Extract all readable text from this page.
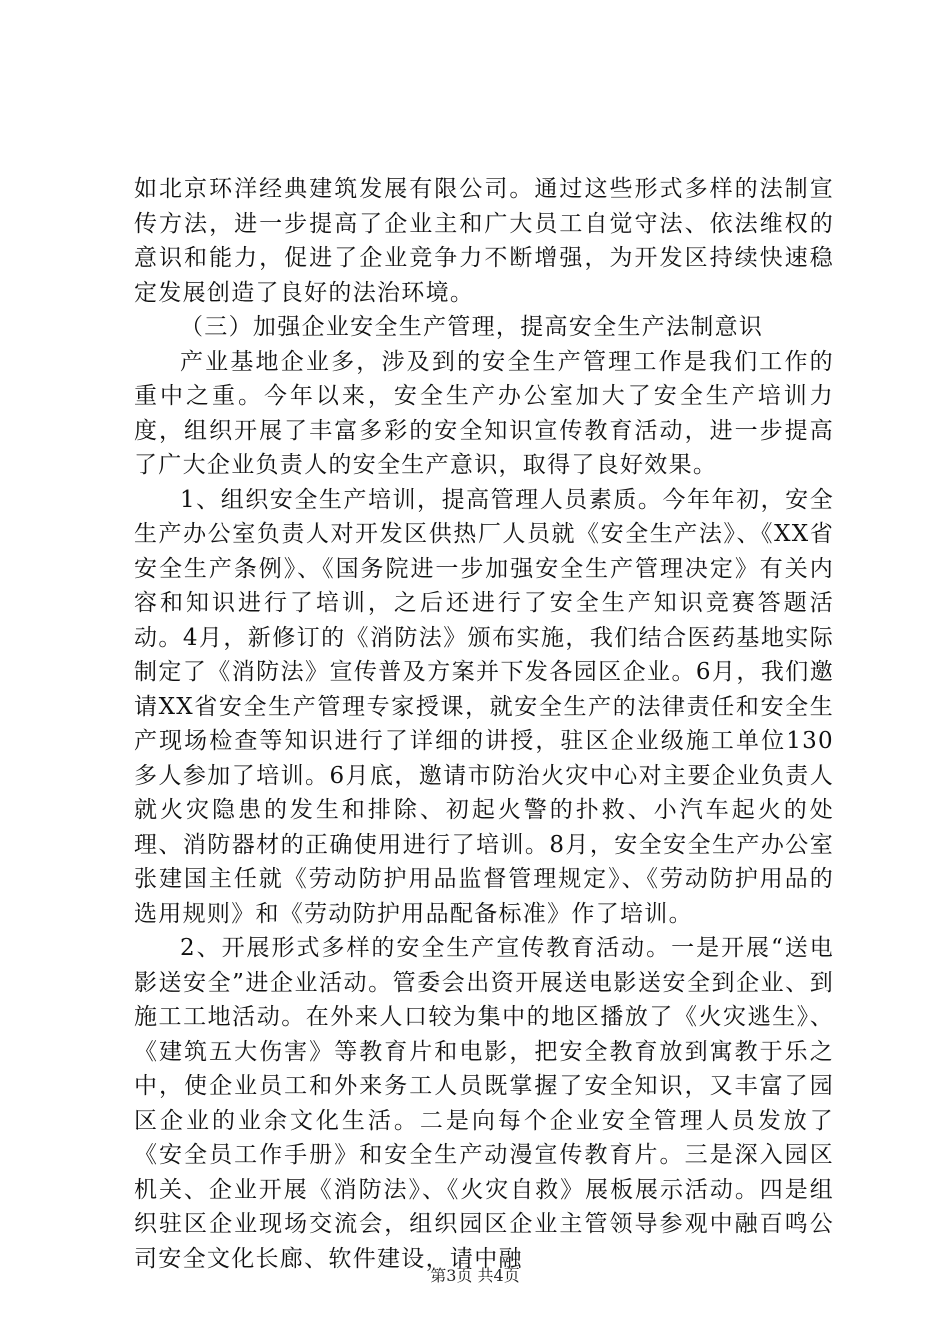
如北京环洋经典建筑发展有限公司。通过这些形式多样的法制宣传方法，进一步提高了企业主和广大员工自觉守法、依法维权的意识和能力，促进了企业竞争力不断增强，为开发区持续快速稳定发展创造了良好的法治环境。

（三）加强企业安全生产管理，提高安全生产法制意识

产业基地企业多，涉及到的安全生产管理工作是我们工作的重中之重。今年以来，安全生产办公室加大了安全生产培训力度，组织开展了丰富多彩的安全知识宣传教育活动，进一步提高了广大企业负责人的安全生产意识，取得了良好效果。

1、组织安全生产培训，提高管理人员素质。今年年初，安全生产办公室负责人对开发区供热厂人员就《安全生产法》、《XX省安全生产条例》、《国务院进一步加强安全生产管理决定》有关内容和知识进行了培训，之后还进行了安全生产知识竞赛答题活动。4月，新修订的《消防法》颁布实施，我们结合医药基地实际制定了《消防法》宣传普及方案并下发各园区企业。6月，我们邀请XX省安全生产管理专家授课，就安全生产的法律责任和安全生产现场检查等知识进行了详细的讲授，驻区企业级施工单位130多人参加了培训。6月底，邀请市防治火灾中心对主要企业负责人就火灾隐患的发生和排除、初起火警的扑救、小汽车起火的处理、消防器材的正确使用进行了培训。8月，安全安全生产办公室张建国主任就《劳动防护用品监督管理规定》、《劳动防护用品的选用规则》和《劳动防护用品配备标准》作了培训。

2、开展形式多样的安全生产宣传教育活动。一是开展“送电影送安全”进企业活动。管委会出资开展送电影送安全到企业、到施工工地活动。在外来人口较为集中的地区播放了《火灾逃生》、《建筑五大伤害》等教育片和电影，把安全教育放到寓教于乐之中，使企业员工和外来务工人员既掌握了安全知识，又丰富了园区企业的业余文化生活。二是向每个企业安全管理人员发放了《安全员工作手册》和安全生产动漫宣传教育片。三是深入园区机关、企业开展《消防法》、《火灾自救》展板展示活动。四是组织驻区企业现场交流会，组织园区企业主管领导参观中融百鸣公司安全文化长廊、软件建设，请中融

第3页 共4页
